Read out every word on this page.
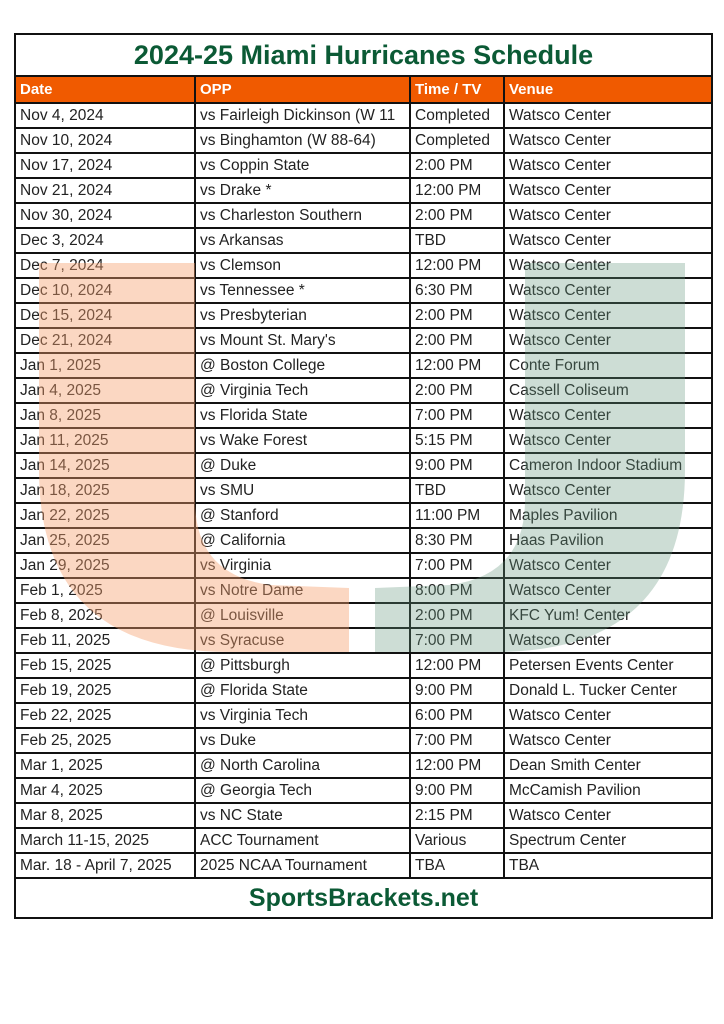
2024-25 Miami Hurricanes Schedule			
Date	OPP	Time / TV	Venue
Nov 4, 2024	vs Fairleigh Dickinson (W 11	Completed	Watsco Center
Nov 10, 2024	vs Binghamton (W 88-64)	Completed	Watsco Center
Nov 17, 2024	vs Coppin State	2:00 PM	Watsco Center
Nov 21, 2024	vs Drake *	12:00 PM	Watsco Center
Nov 30, 2024	vs Charleston Southern	2:00 PM	Watsco Center
Dec 3, 2024	vs Arkansas	TBD	Watsco Center
Dec 7, 2024	vs Clemson	12:00 PM	Watsco Center
Dec 10, 2024	vs Tennessee *	6:30 PM	Watsco Center
Dec 15, 2024	vs Presbyterian	2:00 PM	Watsco Center
Dec 21, 2024	vs Mount St. Mary's	2:00 PM	Watsco Center
Jan 1, 2025	@ Boston College	12:00 PM	Conte Forum
Jan 4, 2025	@ Virginia Tech	2:00 PM	Cassell Coliseum
Jan 8, 2025	vs Florida State	7:00 PM	Watsco Center
Jan 11, 2025	vs Wake Forest	5:15 PM	Watsco Center
Jan 14, 2025	@ Duke	9:00 PM	Cameron Indoor Stadium
Jan 18, 2025	vs SMU	TBD	Watsco Center
Jan 22, 2025	@ Stanford	11:00 PM	Maples Pavilion
Jan 25, 2025	@ California	8:30 PM	Haas Pavilion
Jan 29, 2025	vs Virginia	7:00 PM	Watsco Center
Feb 1, 2025	vs Notre Dame	8:00 PM	Watsco Center
Feb 8, 2025	@ Louisville	2:00 PM	KFC Yum! Center
Feb 11, 2025	vs Syracuse	7:00 PM	Watsco Center
Feb 15, 2025	@ Pittsburgh	12:00 PM	Petersen Events Center
Feb 19, 2025	@ Florida State	9:00 PM	Donald L. Tucker Center
Feb 22, 2025	vs Virginia Tech	6:00 PM	Watsco Center
Feb 25, 2025	vs Duke	7:00 PM	Watsco Center
Mar 1, 2025	@ North Carolina	12:00 PM	Dean Smith Center
Mar 4, 2025	@ Georgia Tech	9:00 PM	McCamish Pavilion
Mar 8, 2025	vs NC State	2:15 PM	Watsco Center
March 11-15, 2025	ACC Tournament	Various	Spectrum Center
Mar. 18 - April 7, 2025	2025 NCAA Tournament	TBA	TBA
SportsBrackets.net			
